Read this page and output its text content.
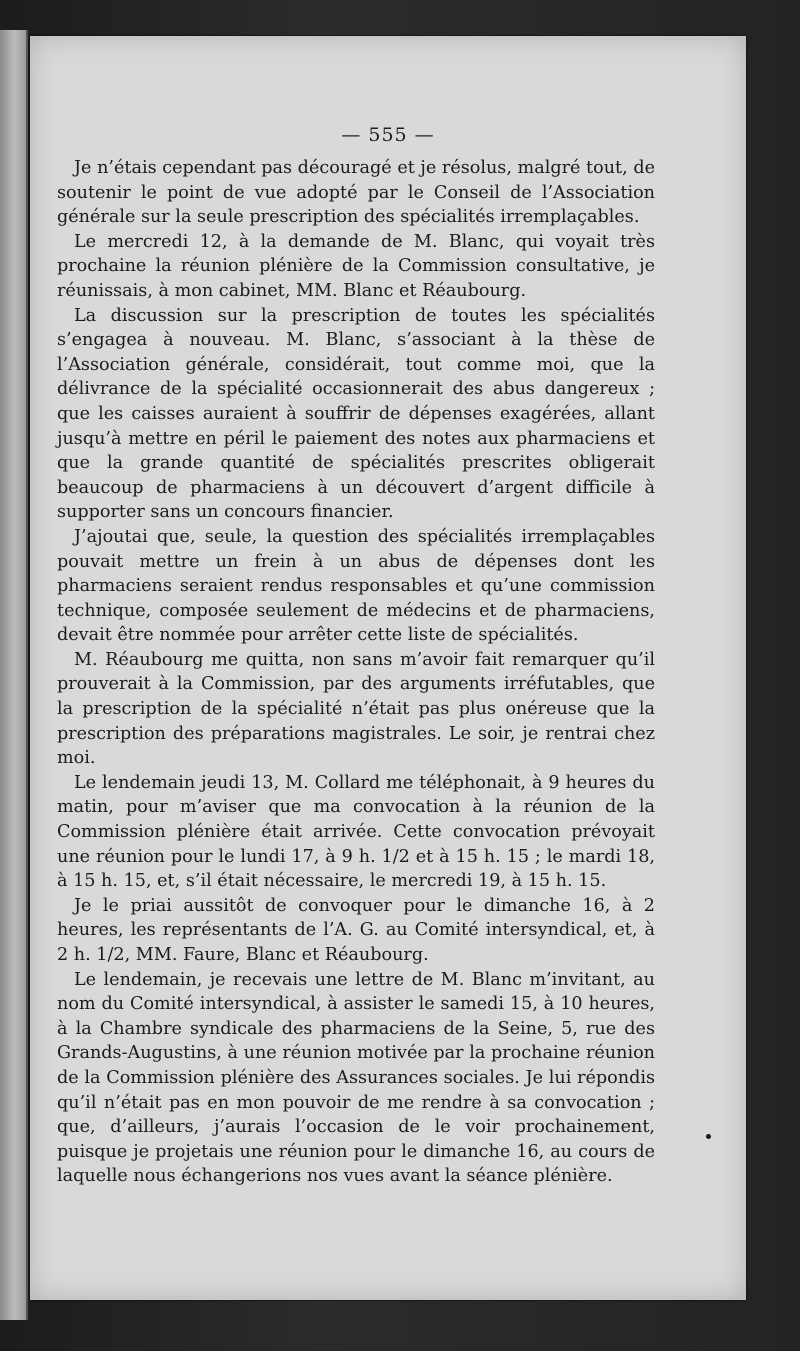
— 555 —

Je n’étais cependant pas découragé et je résolus, malgré tout, de soutenir le point de vue adopté par le Conseil de l’Association générale sur la seule prescription des spécialités irremplaçables.

Le mercredi 12, à la demande de M. Blanc, qui voyait très prochaine la réunion plénière de la Commission consultative, je réunissais, à mon cabinet, MM. Blanc et Réaubourg.

La discussion sur la prescription de toutes les spécialités s’engagea à nouveau. M. Blanc, s’associant à la thèse de l’Association générale, considérait, tout comme moi, que la délivrance de la spécialité occasionnerait des abus dangereux ; que les caisses auraient à souffrir de dépenses exagérées, allant jusqu’à mettre en péril le paiement des notes aux pharmaciens et que la grande quantité de spécialités prescrites obligerait beaucoup de pharmaciens à un découvert d’argent difficile à supporter sans un concours financier.

J’ajoutai que, seule, la question des spécialités irremplaçables pouvait mettre un frein à un abus de dépenses dont les pharmaciens seraient rendus responsables et qu’une commission technique, composée seulement de médecins et de pharmaciens, devait être nommée pour arrêter cette liste de spécialités.

M. Réaubourg me quitta, non sans m’avoir fait remarquer qu’il prouverait à la Commission, par des arguments irréfutables, que la prescription de la spécialité n’était pas plus onéreuse que la prescription des préparations magistrales. Le soir, je rentrai chez moi.

Le lendemain jeudi 13, M. Collard me téléphonait, à 9 heures du matin, pour m’aviser que ma convocation à la réunion de la Commission plénière était arrivée. Cette convocation prévoyait une réunion pour le lundi 17, à 9 h. 1/2 et à 15 h. 15 ; le mardi 18, à 15 h. 15, et, s’il était nécessaire, le mercredi 19, à 15 h. 15.

Je le priai aussitôt de convoquer pour le dimanche 16, à 2 heures, les représentants de l’A. G. au Comité intersyndical, et, à 2 h. 1/2, MM. Faure, Blanc et Réaubourg.

Le lendemain, je recevais une lettre de M. Blanc m’invitant, au nom du Comité intersyndical, à assister le samedi 15, à 10 heures, à la Chambre syndicale des pharmaciens de la Seine, 5, rue des Grands-Augustins, à une réunion motivée par la prochaine réunion de la Commission plénière des Assurances sociales. Je lui répondis qu’il n’était pas en mon pouvoir de me rendre à sa convocation ; que, d’ailleurs, j’aurais l’occasion de le voir prochainement, puisque je projetais une réunion pour le dimanche 16, au cours de laquelle nous échangerions nos vues avant la séance plénière.
